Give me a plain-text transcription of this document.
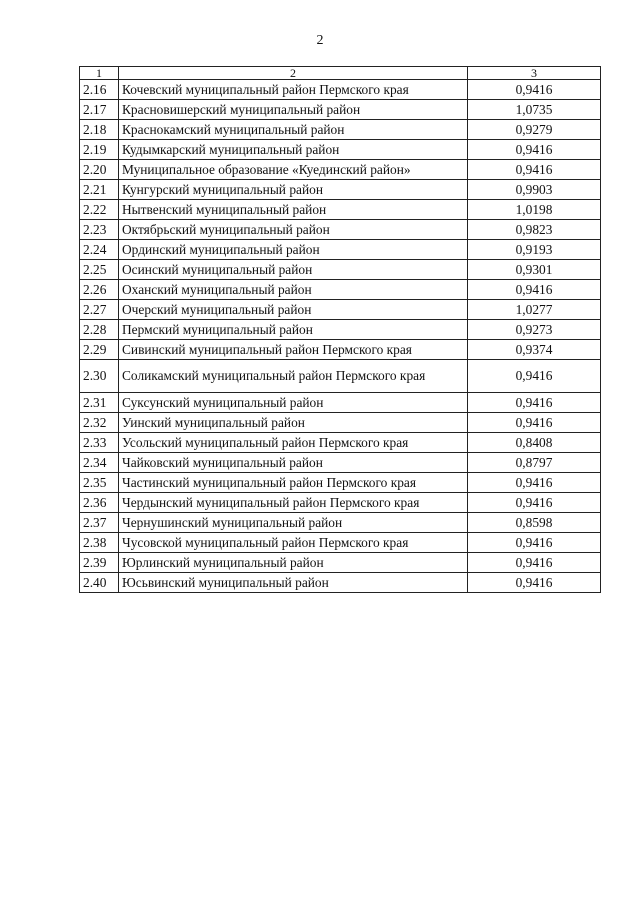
2
1	2	3
2.16	Кочевский муниципальный район Пермского края	0,9416
2.17	Красновишерский муниципальный район	1,0735
2.18	Краснокамский муниципальный район	0,9279
2.19	Кудымкарский муниципальный район	0,9416
2.20	Муниципальное образование «Куединский район»	0,9416
2.21	Кунгурский муниципальный район	0,9903
2.22	Нытвенский муниципальный район	1,0198
2.23	Октябрьский муниципальный район	0,9823
2.24	Ординский муниципальный район	0,9193
2.25	Осинский муниципальный район	0,9301
2.26	Оханский муниципальный район	0,9416
2.27	Очерский муниципальный район	1,0277
2.28	Пермский муниципальный район	0,9273
2.29	Сивинский муниципальный район Пермского края	0,9374
2.30	Соликамский муниципальный район Пермского края	0,9416
2.31	Суксунский муниципальный район	0,9416
2.32	Уинский муниципальный район	0,9416
2.33	Усольский муниципальный район Пермского края	0,8408
2.34	Чайковский муниципальный район	0,8797
2.35	Частинский муниципальный район Пермского края	0,9416
2.36	Чердынский муниципальный район Пермского края	0,9416
2.37	Чернушинский муниципальный район	0,8598
2.38	Чусовской муниципальный район Пермского края	0,9416
2.39	Юрлинский муниципальный район	0,9416
2.40	Юсьвинский муниципальный район	0,9416
